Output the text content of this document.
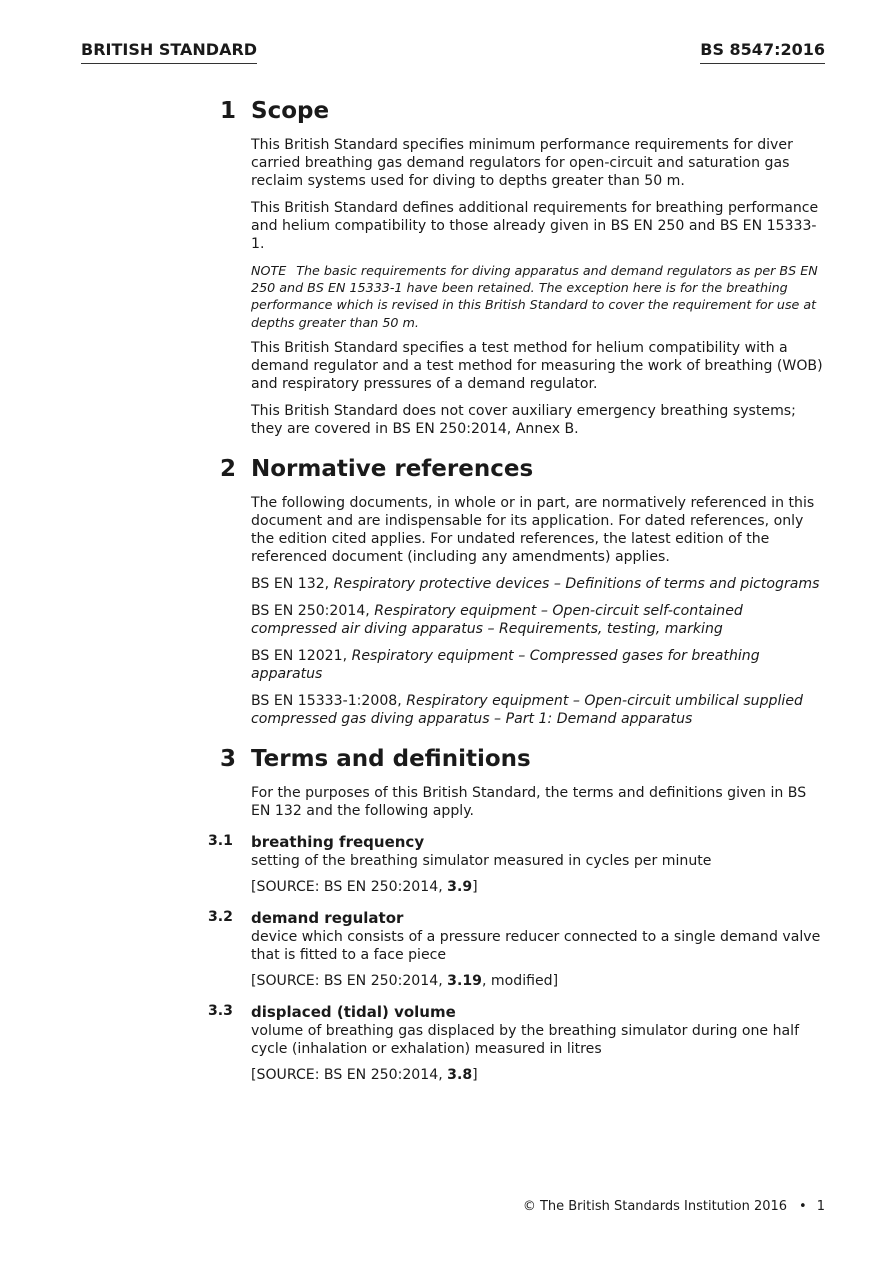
BRITISH STANDARD	BS 8547:2016
1 Scope

This British Standard specifies minimum performance requirements for diver carried breathing gas demand regulators for open-circuit and saturation gas reclaim systems used for diving to depths greater than 50 m.

This British Standard defines additional requirements for breathing performance and helium compatibility to those already given in BS EN 250 and BS EN 15333-1.

NOTE The basic requirements for diving apparatus and demand regulators as per BS EN 250 and BS EN 15333-1 have been retained. The exception here is for the breathing performance which is revised in this British Standard to cover the requirement for use at depths greater than 50 m.

This British Standard specifies a test method for helium compatibility with a demand regulator and a test method for measuring the work of breathing (WOB) and respiratory pressures of a demand regulator.

This British Standard does not cover auxiliary emergency breathing systems; they are covered in BS EN 250:2014, Annex B.

2 Normative references

The following documents, in whole or in part, are normatively referenced in this document and are indispensable for its application. For dated references, only the edition cited applies. For undated references, the latest edition of the referenced document (including any amendments) applies.

BS EN 132, Respiratory protective devices – Definitions of terms and pictograms

BS EN 250:2014, Respiratory equipment – Open-circuit self-contained compressed air diving apparatus – Requirements, testing, marking

BS EN 12021, Respiratory equipment – Compressed gases for breathing apparatus

BS EN 15333-1:2008, Respiratory equipment – Open-circuit umbilical supplied compressed gas diving apparatus – Part 1: Demand apparatus

3 Terms and definitions

For the purposes of this British Standard, the terms and definitions given in BS EN 132 and the following apply.

3.1 breathing frequency

setting of the breathing simulator measured in cycles per minute

[SOURCE: BS EN 250:2014, 3.9]

3.2 demand regulator

device which consists of a pressure reducer connected to a single demand valve that is fitted to a face piece

[SOURCE: BS EN 250:2014, 3.19, modified]

3.3 displaced (tidal) volume

volume of breathing gas displaced by the breathing simulator during one half cycle (inhalation or exhalation) measured in litres

[SOURCE: BS EN 250:2014, 3.8]

© The British Standards Institution 2016 • 1
